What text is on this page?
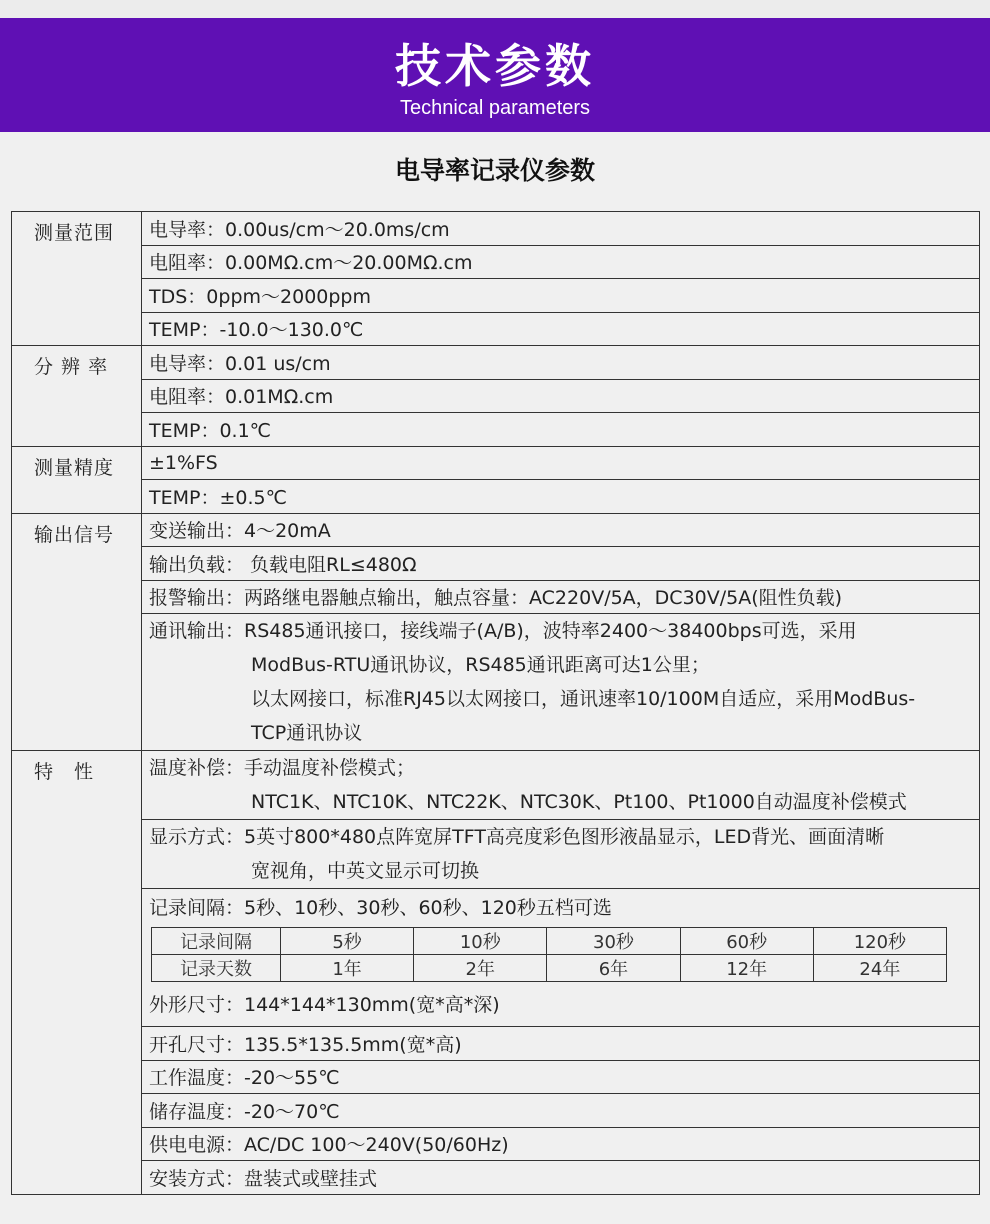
技术参数
Technical parameters
电导率记录仪参数
测量范围	电导率：0.00us/cm～20.0ms/cm
电阻率：0.00MΩ.cm～20.00MΩ.cm
TDS：0ppm～2000ppm
TEMP：-10.0～130.0℃
分 辨 率	电导率：0.01 us/cm
电阻率：0.01MΩ.cm
TEMP：0.1℃
测量精度	±1%FS
TEMP：±0.5℃
输出信号	变送输出：4～20mA
输出负载： 负载电阻RL≤480Ω
报警输出：两路继电器触点输出，触点容量：AC220V/5A，DC30V/5A(阻性负载)

通讯输出：RS485通讯接口，接线端子(A/B)，波特率2400～38400bps可选，采用
ModBus-RTU通讯协议，RS485通讯距离可达1公里；
以太网接口，标准RJ45以太网接口，通讯速率10/100M自适应，采用ModBus-
TCP通讯协议

特　性	温度补偿：手动温度补偿模式；
NTC1K、NTC10K、NTC22K、NTC30K、Pt100、Pt1000自动温度补偿模式

显示方式：5英寸800*480点阵宽屏TFT高亮度彩色图形液晶显示，LED背光、画面清晰
宽视角，中英文显示可切换

记录间隔：5秒、10秒、30秒、60秒、120秒五档可选
记录间隔	5秒	10秒	30秒	60秒	120秒
记录天数	1年	2年	6年	12年	24年
外形尺寸：144*144*130mm(宽*高*深)

开孔尺寸：135.5*135.5mm(宽*高)
工作温度：-20～55℃
储存温度：-20～70℃
供电电源：AC/DC 100～240V(50/60Hz)
安装方式：盘装式或壁挂式
